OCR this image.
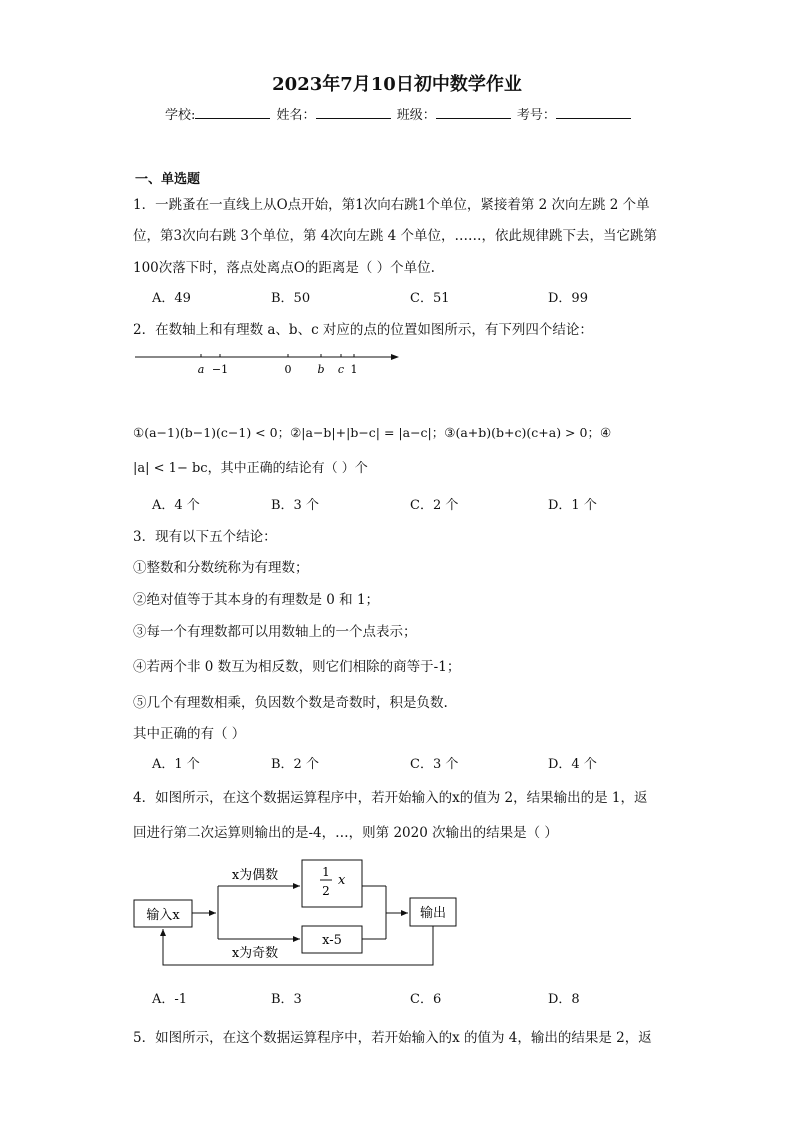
2023年7月10日初中数学作业
学校:	姓名：	班级：	考号：
一、单选题
1．一跳蚤在一直线上从O点开始，第1次向右跳1个单位，紧接着第 2 次向左跳 2 个单
位，第3次向右跳 3个单位，第 4次向左跳 4 个单位，……，依此规律跳下去，当它跳第
100次落下时，落点处离点O的距离是（ ）个单位.
A．49	B．50	C．51	D．99
2．在数轴上和有理数 a、b、c 对应的点的位置如图所示，有下列四个结论：
a −1	0 b c 1
①(a−1)(b−1)(c−1) < 0；②|a−b|+|b−c| = |a−c|；③(a+b)(b+c)(c+a) > 0；④
|a| < 1− bc，其中正确的结论有（ ）个
A．4 个	B．3 个	C．2 个	D．1 个
3．现有以下五个结论：
①整数和分数统称为有理数；
②绝对值等于其本身的有理数是 0 和 1；
③每一个有理数都可以用数轴上的一个点表示；
④若两个非 0 数互为相反数，则它们相除的商等于-1；
⑤几个有理数相乘，负因数个数是奇数时，积是负数.
其中正确的有（ ）
A．1 个	B．2 个	C．3 个	D．4 个
4．如图所示，在这个数据运算程序中，若开始输入的x的值为 2，结果输出的是 1，返
回进行第二次运算则输出的是-4，…，则第 2020 次输出的结果是（ ）
输入x
x为偶数
x为奇数
1
2
x
x-5
输出
A．-1	B．3	C．6	D．8
5．如图所示，在这个数据运算程序中，若开始输入的x 的值为 4，输出的结果是 2，返
